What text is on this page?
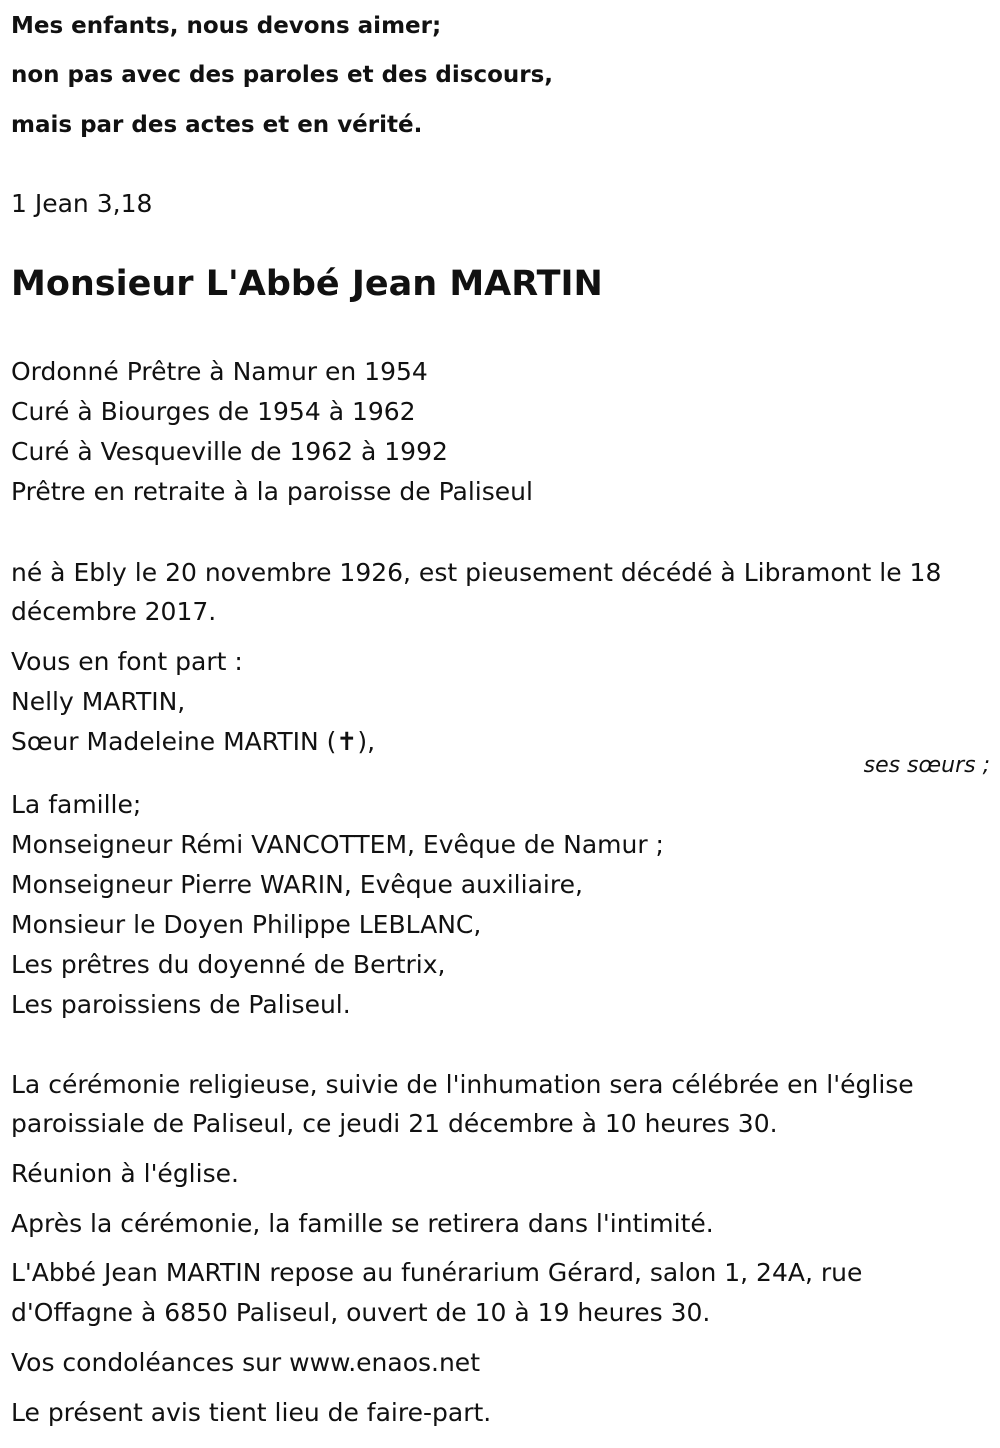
Mes enfants, nous devons aimer;
non pas avec des paroles et des discours,
mais par des actes et en vérité.
1 Jean 3,18
Monsieur L'Abbé Jean MARTIN
Ordonné Prêtre à Namur en 1954
Curé à Biourges de 1954 à 1962
Curé à Vesqueville de 1962 à 1992
Prêtre en retraite à la paroisse de Paliseul
né à Ebly le 20 novembre 1926, est pieusement décédé à Libramont le 18
décembre 2017.
Vous en font part :
Nelly MARTIN,
Sœur Madeleine MARTIN (✝),
ses sœurs ;
La famille;
Monseigneur Rémi VANCOTTEM, Evêque de Namur ;
Monseigneur Pierre WARIN, Evêque auxiliaire,
Monsieur le Doyen Philippe LEBLANC,
Les prêtres du doyenné de Bertrix,
Les paroissiens de Paliseul.
La cérémonie religieuse, suivie de l'inhumation sera célébrée en l'église
paroissiale de Paliseul, ce jeudi 21 décembre à 10 heures 30.
Réunion à l'église.
Après la cérémonie, la famille se retirera dans l'intimité.
L'Abbé Jean MARTIN repose au funérarium Gérard, salon 1, 24A, rue
d'Offagne à 6850 Paliseul, ouvert de 10 à 19 heures 30.
Vos condoléances sur www.enaos.net
Le présent avis tient lieu de faire-part.
